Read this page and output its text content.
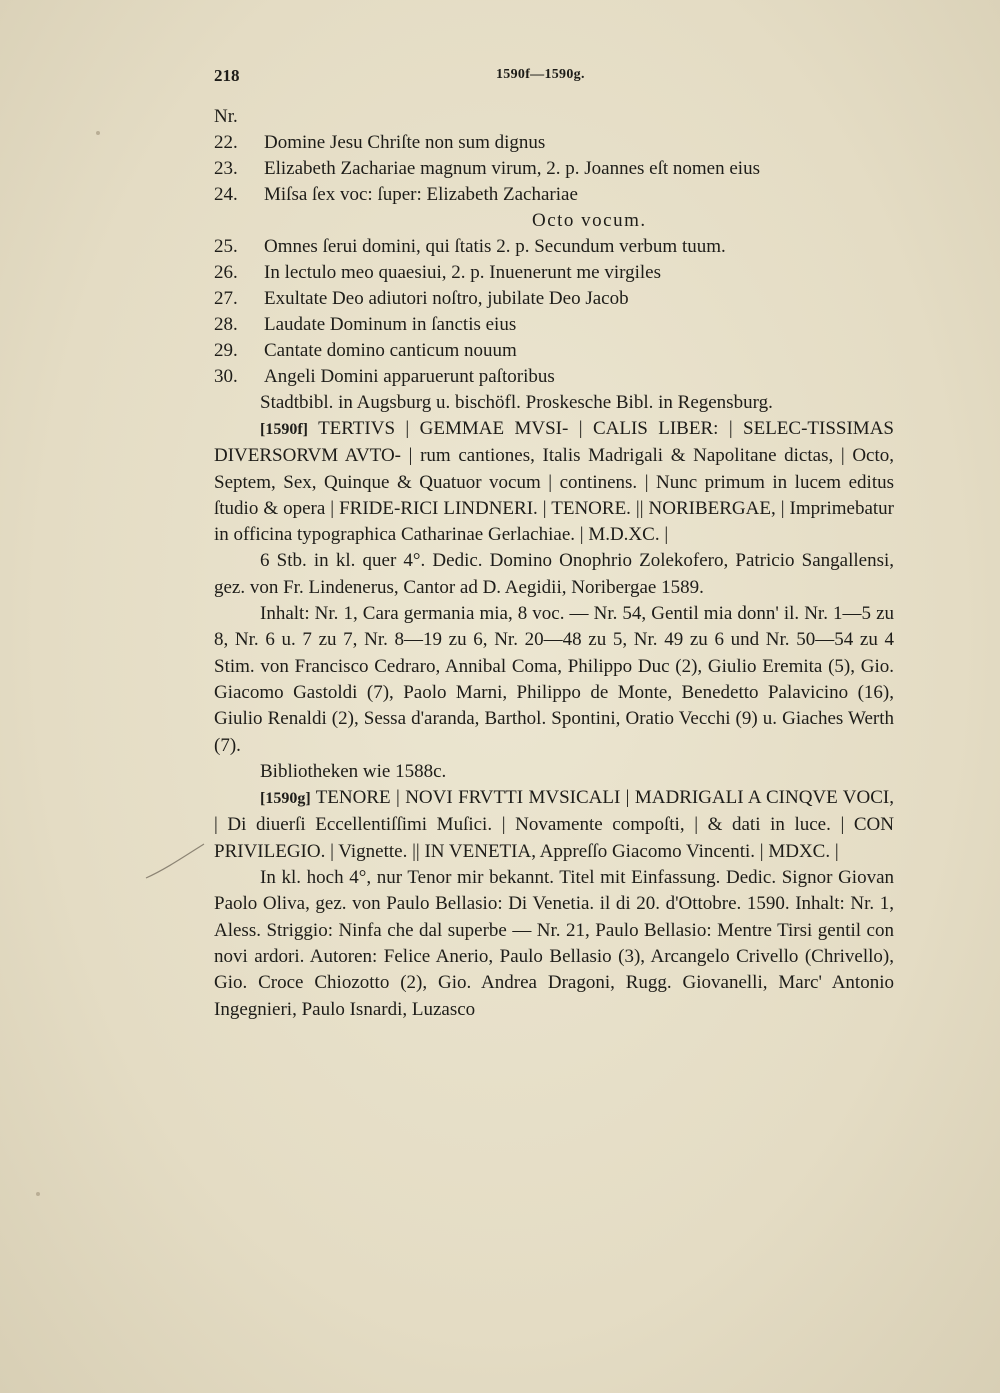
218	1590f—1590g.
Nr.
22.	Domine Jesu Chriſte non sum dignus
23.	Elizabeth Zachariae magnum virum, 2. p. Joannes eſt nomen eius
24.	Miſsa ſex voc: ſuper: Elizabeth Zachariae
Octo vocum.
25.	Omnes ſerui domini, qui ſtatis 2. p. Secundum verbum tuum.
26.	In lectulo meo quaesiui, 2. p. Inuenerunt me virgiles
27.	Exultate Deo adiutori noſtro, jubilate Deo Jacob
28.	Laudate Dominum in ſanctis eius
29.	Cantate domino canticum nouum
30.	Angeli Domini apparuerunt paſtoribus
Stadtbibl. in Augsburg u. bischöfl. Proskesche Bibl. in Regensburg.

[1590f] TERTIVS | GEMMAE MVSI- | CALIS LIBER: | SELEC-TISSIMAS DIVERSORVM AVTO- | rum cantiones, Italis Madrigali & Napolitane dictas, | Octo, Septem, Sex, Quinque & Quatuor vocum | continens. | Nunc primum in lucem editus ſtudio & opera | FRIDE-RICI LINDNERI. | TENORE. || NORIBERGAE, | Imprimebatur in officina typographica Catharinae Gerlachiae. | M.D.XC. |

6 Stb. in kl. quer 4°. Dedic. Domino Onophrio Zolekofero, Patricio Sangallensi, gez. von Fr. Lindenerus, Cantor ad D. Aegidii, Noribergae 1589.

Inhalt: Nr. 1, Cara germania mia, 8 voc. — Nr. 54, Gentil mia donn' il. Nr. 1—5 zu 8, Nr. 6 u. 7 zu 7, Nr. 8—19 zu 6, Nr. 20—48 zu 5, Nr. 49 zu 6 und Nr. 50—54 zu 4 Stim. von Francisco Cedraro, Annibal Coma, Philippo Duc (2), Giulio Eremita (5), Gio. Giacomo Gastoldi (7), Paolo Marni, Philippo de Monte, Benedetto Palavicino (16), Giulio Renaldi (2), Sessa d'aranda, Barthol. Spontini, Oratio Vecchi (9) u. Giaches Werth (7).

Bibliotheken wie 1588c.

[1590g] TENORE | NOVI FRVTTI MVSICALI | MADRIGALI A CINQVE VOCI, | Di diuerſi Eccellentiſſimi Muſici. | Novamente compoſti, | & dati in luce. | CON PRIVILEGIO. | Vignette. || IN VENETIA, Appreſſo Giacomo Vincenti. | MDXC. |

In kl. hoch 4°, nur Tenor mir bekannt. Titel mit Einfassung. Dedic. Signor Giovan Paolo Oliva, gez. von Paulo Bellasio: Di Venetia. il di 20. d'Ottobre. 1590. Inhalt: Nr. 1, Aless. Striggio: Ninfa che dal superbe — Nr. 21, Paulo Bellasio: Mentre Tirsi gentil con novi ardori. Autoren: Felice Anerio, Paulo Bellasio (3), Arcangelo Crivello (Chrivello), Gio. Croce Chiozotto (2), Gio. Andrea Dragoni, Rugg. Giovanelli, Marc' Antonio Ingegnieri, Paulo Isnardi, Luzasco
